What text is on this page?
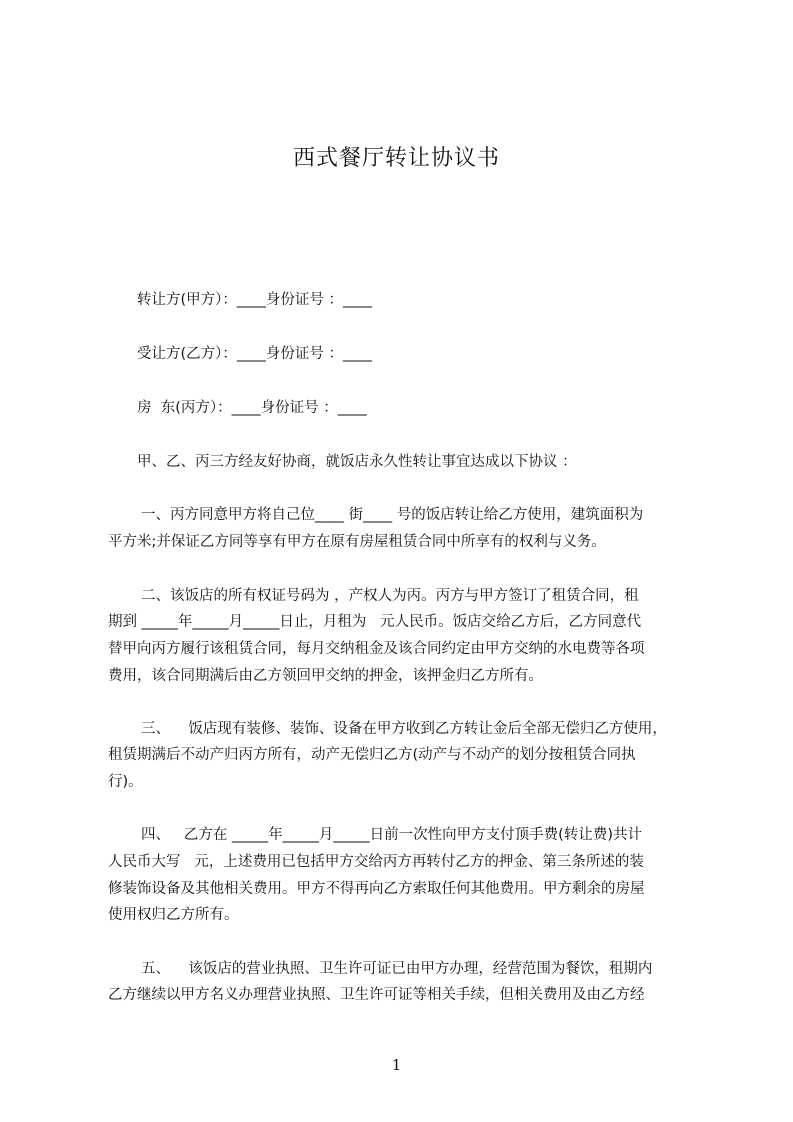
西式餐厅转让协议书
转让方(甲方）：____身份证号 ：____
受让方(乙方）：____身份证号 ：____
房  东(丙方）：____身份证号 ：____
甲、乙、丙三方经友好协商，就饭店永久性转让事宜达成以下协议 ：
一、丙方同意甲方将自己位____ 街____ 号的饭店转让给乙方使用，建筑面积为
平方米;并保证乙方同等享有甲方在原有房屋租赁合同中所享有的权利与义务。
二、该饭店的所有权证号码为 ，产权人为丙。丙方与甲方签订了租赁合同，租
期到 _____年_____月_____日止，月租为   元人民币。饭店交给乙方后，乙方同意代
替甲向丙方履行该租赁合同，每月交纳租金及该合同约定由甲方交纳的水电费等各项
费用，该合同期满后由乙方领回甲交纳的押金，该押金归乙方所有。
三、    饭店现有装修、装饰、设备在甲方收到乙方转让金后全部无偿归乙方使用，
租赁期满后不动产归丙方所有，动产无偿归乙方(动产与不动产的划分按租赁合同执
行)。
四、   乙方在 _____年_____月_____日前一次性向甲方支付顶手费(转让费)共计
人民币大写   元，上述费用已包括甲方交给丙方再转付乙方的押金、第三条所述的装
修装饰设备及其他相关费用。甲方不得再向乙方索取任何其他费用。甲方剩余的房屋
使用权归乙方所有。
五、    该饭店的营业执照、卫生许可证已由甲方办理，经营范围为餐饮，租期内
乙方继续以甲方名义办理营业执照、卫生许可证等相关手续，但相关费用及由乙方经
1
